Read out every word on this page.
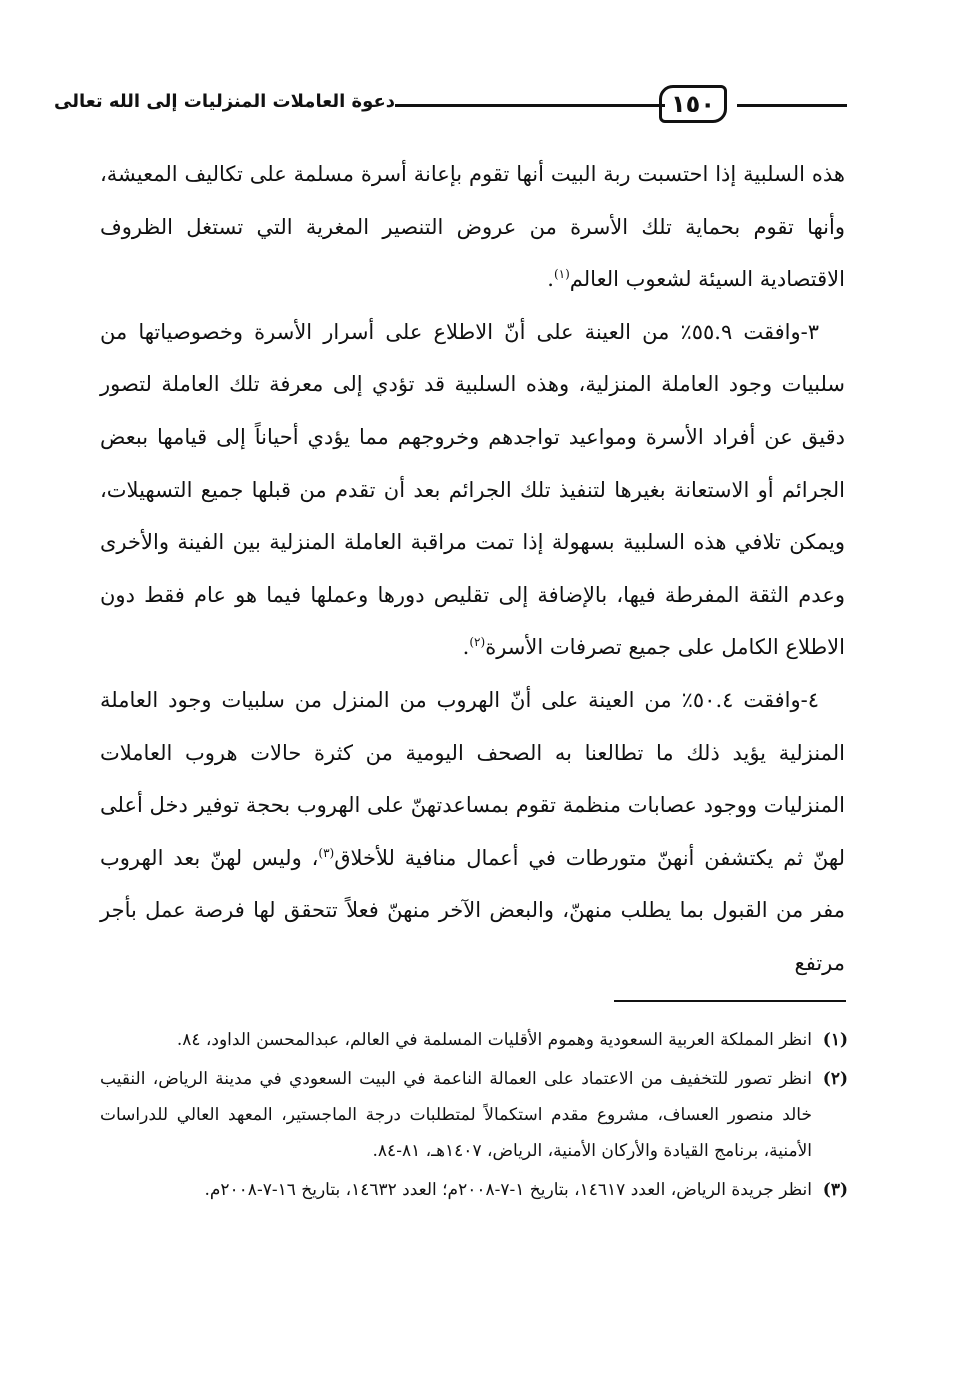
١٥٠
دعوة العاملات المنزليات إلى الله تعالى

هذه السلبية إذا احتسبت ربة البيت أنها تقوم بإعانة أسرة مسلمة على تكاليف المعيشة، وأنها تقوم بحماية تلك الأسرة من عروض التنصير المغرية التي تستغل الظروف الاقتصادية السيئة لشعوب العالم$^{(١)}$.

٣-وافقت ٥٥.٩٪ من العينة على أنّ الاطلاع على أسرار الأسرة وخصوصياتها من سلبيات وجود العاملة المنزلية، وهذه السلبية قد تؤدي إلى معرفة تلك العاملة لتصور دقيق عن أفراد الأسرة ومواعيد تواجدهم وخروجهم مما يؤدي أحياناً إلى قيامها ببعض الجرائم أو الاستعانة بغيرها لتنفيذ تلك الجرائم بعد أن تقدم من قبلها جميع التسهيلات، ويمكن تلافي هذه السلبية بسهولة إذا تمت مراقبة العاملة المنزلية بين الفينة والأخرى وعدم الثقة المفرطة فيها، بالإضافة إلى تقليص دورها وعملها فيما هو عام فقط دون الاطلاع الكامل على جميع تصرفات الأسرة$^{(٢)}$.

٤-وافقت ٥٠.٤٪ من العينة على أنّ الهروب من المنزل من سلبيات وجود العاملة المنزلية يؤيد ذلك ما تطالعنا به الصحف اليومية من كثرة حالات هروب العاملات المنزليات ووجود عصابات منظمة تقوم بمساعدتهنّ على الهروب بحجة توفير دخل أعلى لهنّ ثم يكتشفن أنهنّ متورطات في أعمال منافية للأخلاق$^{(٣)}$، وليس لهنّ بعد الهروب مفر من القبول بما يطلب منهنّ، والبعض الآخر منهنّ فعلاً تتحقق لها فرصة عمل بأجر مرتفع

(١)انظر المملكة العربية السعودية وهموم الأقليات المسلمة في العالم، عبدالمحسن الداود، ٨٤.

(٢)انظر تصور للتخفيف من الاعتماد على العمالة الناعمة في البيت السعودي في مدينة الرياض، النقيب خالد منصور العساف، مشروع مقدم استكمالاً لمتطلبات درجة الماجستير، المعهد العالي للدراسات الأمنية، برنامج القيادة والأركان الأمنية، الرياض، ١٤٠٧هـ، ٨١-٨٤.

(٣)انظر جريدة الرياض، العدد ١٤٦١٧، بتاريخ ١-٧-٢٠٠٨م؛ العدد ١٤٦٣٢، بتاريخ ١٦-٧-٢٠٠٨م.
